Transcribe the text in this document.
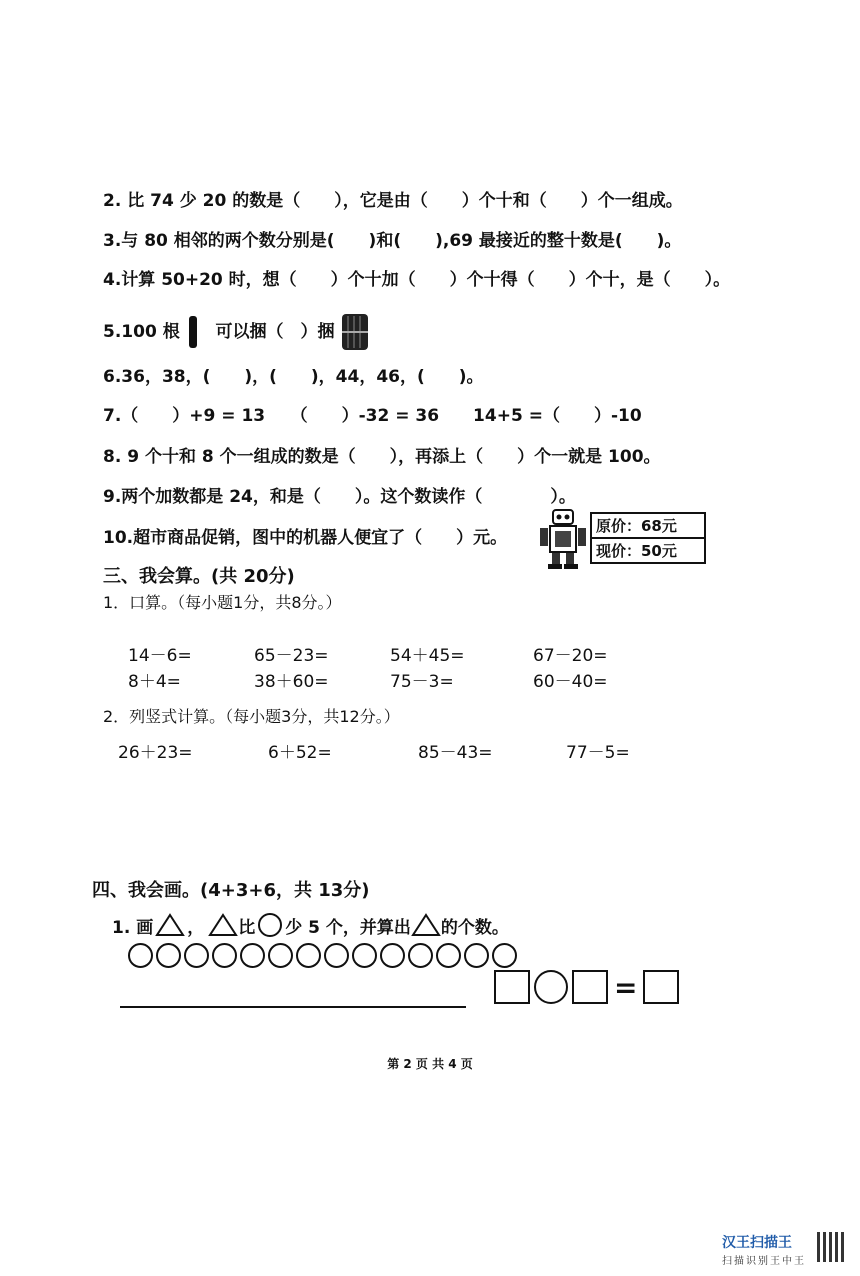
2. 比 74 少 20 的数是（　　），它是由（　　）个十和（　　）个一组成。
3.与 80 相邻的两个数分别是(　　)和(　　),69 最接近的整十数是(　　)。
4.计算 50+20 时，想（　　）个十加（　　）个十得（　　）个十，是（　　）。
5.100 根 可以捆（　）捆
6.36，38，(　　)，(　　)，44，46，(　　)。
7.（　　）+9 = 13　　（　　）-32 = 36　　14+5 =（　　）-10
8. 9 个十和 8 个一组成的数是（　　），再添上（　　）个一就是 100。
9.两个加数都是 24，和是（　　）。这个数读作（　　　　）。
10.超市商品促销，图中的机器人便宜了（　　）元。
原价：68元
现价：50元
三、我会算。(共 20分)
1．口算。（每小题1分，共8分。）
14－6=	65－23=	54＋45=	67－20=
8＋4=	38＋60=	75－3=	60－40=
2．列竖式计算。（每小题3分，共12分。）
26＋23=	6＋52=	85－43=	77－5=
四、我会画。(4+3+6，共 13分)
1. 画 ， 比 少 5 个，并算出 的个数。
=
第 2 页 共 4 页
汉王扫描王
扫描识别王中王
